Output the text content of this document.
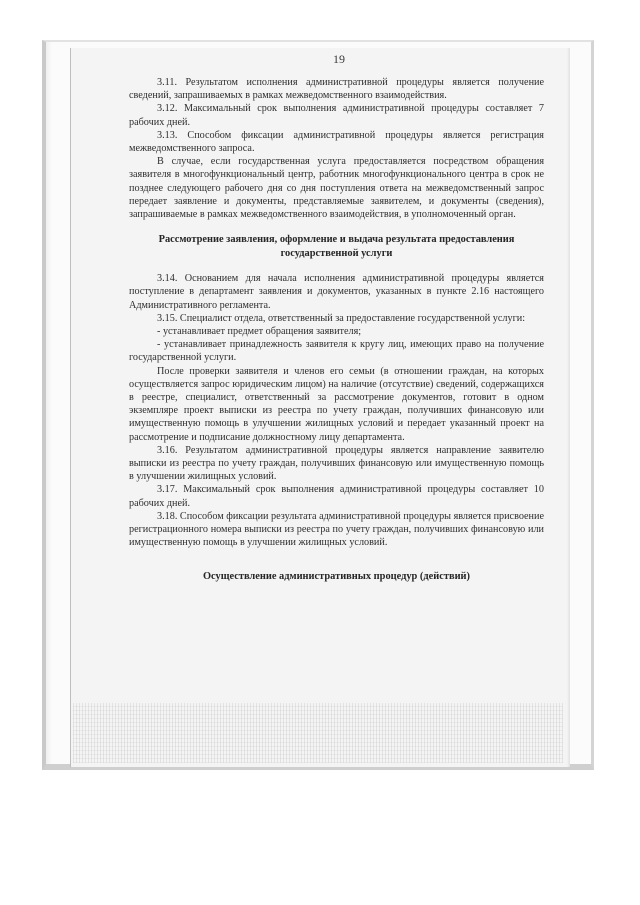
19

3.11. Результатом исполнения административной процедуры является получение сведений, запрашиваемых в рамках межведомственного взаимодействия.

3.12. Максимальный срок выполнения административной процедуры составляет 7 рабочих дней.

3.13. Способом фиксации административной процедуры является регистрация межведомственного запроса.

В случае, если государственная услуга предоставляется посредством обращения заявителя в многофункциональный центр, работник многофункционального центра в срок не позднее следующего рабочего дня со дня поступления ответа на межведомственный запрос передает заявление и документы, представляемые заявителем, и документы (сведения), запрашиваемые в рамках межведомственного взаимодействия, в уполномоченный орган.

Рассмотрение заявления, оформление и выдача результата предоставления государственной услуги

3.14. Основанием для начала исполнения административной процедуры является поступление в департамент заявления и документов, указанных в пункте 2.16 настоящего Административного регламента.

3.15. Специалист отдела, ответственный за предоставление государственной услуги:

- устанавливает предмет обращения заявителя;

- устанавливает принадлежность заявителя к кругу лиц, имеющих право на получение государственной услуги.

После проверки заявителя и членов его семьи (в отношении граждан, на которых осуществляется запрос юридическим лицом) на наличие (отсутствие) сведений, содержащихся в реестре, специалист, ответственный за рассмотрение документов, готовит в одном экземпляре проект выписки из реестра по учету граждан, получивших финансовую или имущественную помощь в улучшении жилищных условий и передает указанный проект на рассмотрение и подписание должностному лицу департамента.

3.16. Результатом административной процедуры является направление заявителю выписки из реестра по учету граждан, получивших финансовую или имущественную помощь в улучшении жилищных условий.

3.17. Максимальный срок выполнения административной процедуры составляет 10 рабочих дней.

3.18. Способом фиксации результата административной процедуры является присвоение регистрационного номера выписки из реестра по учету граждан, получивших финансовую или имущественную помощь в улучшении жилищных условий.

Осуществление административных процедур (действий)
